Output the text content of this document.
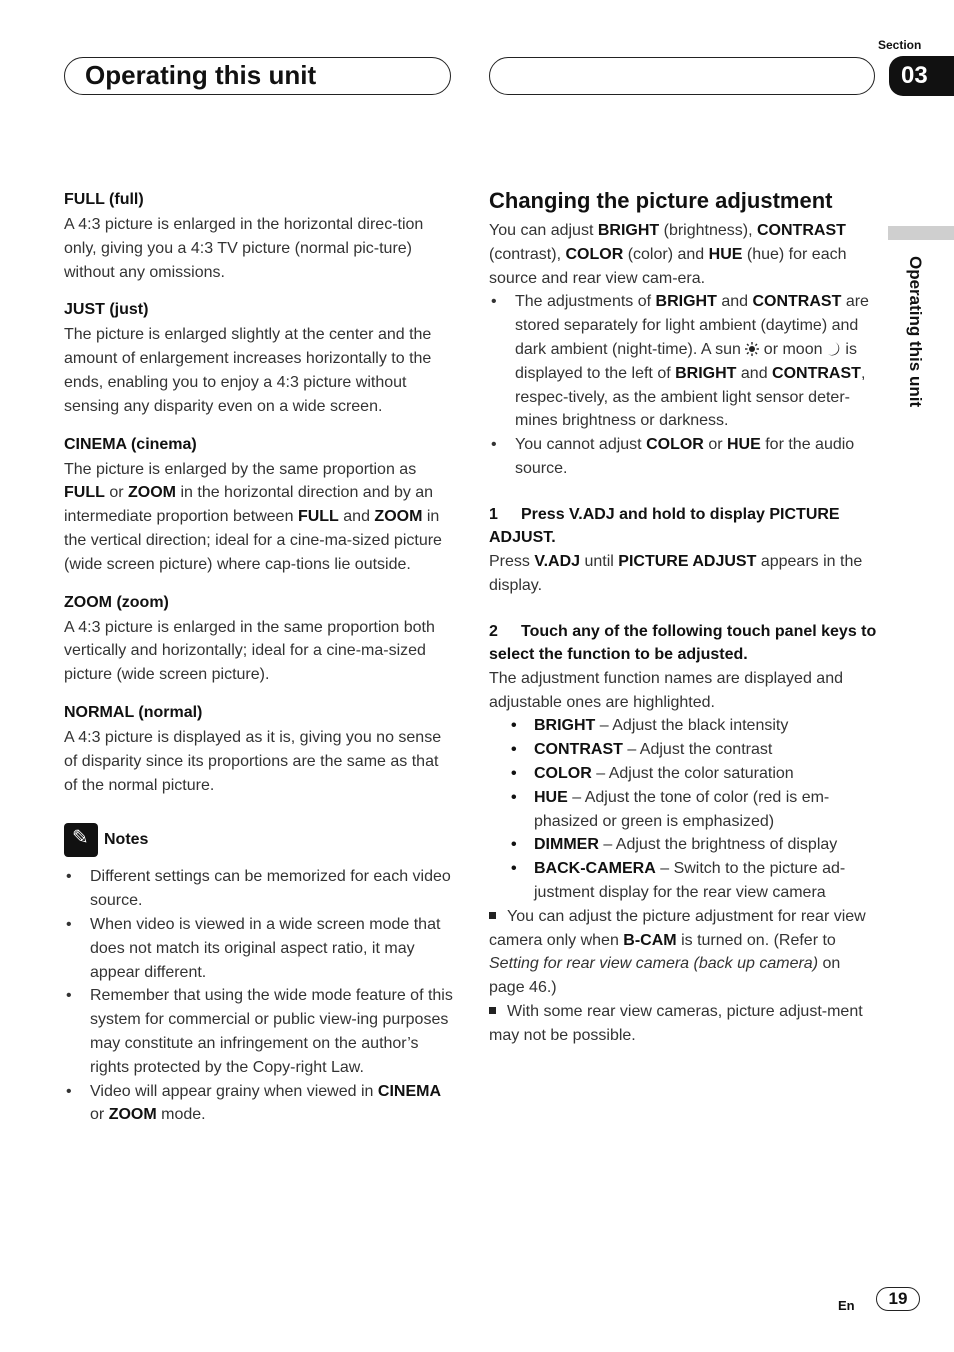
Operating this unit
Section
03
Operating this unit
FULL (full)
A 4:3 picture is enlarged in the horizontal direc-tion only, giving you a 4:3 TV picture (normal pic-ture) without any omissions.
JUST (just)
The picture is enlarged slightly at the center and the amount of enlargement increases horizontally to the ends, enabling you to enjoy a 4:3 picture without sensing any disparity even on a wide screen.
CINEMA (cinema)
The picture is enlarged by the same proportion as FULL or ZOOM in the horizontal direction and by an intermediate proportion between FULL and ZOOM in the vertical direction; ideal for a cine-ma-sized picture (wide screen picture) where cap-tions lie outside.
ZOOM (zoom)
A 4:3 picture is enlarged in the same proportion both vertically and horizontally; ideal for a cine-ma-sized picture (wide screen picture).
NORMAL (normal)
A 4:3 picture is displayed as it is, giving you no sense of disparity since its proportions are the same as that of the normal picture.
✎
Notes
• Different settings can be memorized for each video source.
• When video is viewed in a wide screen mode that does not match its original aspect ratio, it may appear different.
• Remember that using the wide mode feature of this system for commercial or public view-ing purposes may constitute an infringement on the author’s rights protected by the Copy-right Law.
• Video will appear grainy when viewed in CINEMA or ZOOM mode.
Changing the picture adjustment
You can adjust BRIGHT (brightness), CONTRAST (contrast), COLOR (color) and HUE (hue) for each source and rear view cam-era.
• The adjustments of BRIGHT and CONTRAST are stored separately for light ambient (daytime) and dark ambient (night-time). A sun or moon is displayed to the left of BRIGHT and CONTRAST, respec-tively, as the ambient light sensor deter-mines brightness or darkness.
• You cannot adjust COLOR or HUE for the audio source.
1 Press V.ADJ and hold to display PICTURE ADJUST.
Press V.ADJ until PICTURE ADJUST appears in the display.
2 Touch any of the following touch panel keys to select the function to be adjusted.
The adjustment function names are displayed and adjustable ones are highlighted.
• BRIGHT – Adjust the black intensity
• CONTRAST – Adjust the contrast
• COLOR – Adjust the color saturation
• HUE – Adjust the tone of color (red is em-phasized or green is emphasized)
• DIMMER – Adjust the brightness of display
• BACK-CAMERA – Switch to the picture ad-justment display for the rear view camera
You can adjust the picture adjustment for rear view camera only when B-CAM is turned on. (Refer to Setting for rear view camera (back up camera) on page 46.)
With some rear view cameras, picture adjust-ment may not be possible.
En	19
